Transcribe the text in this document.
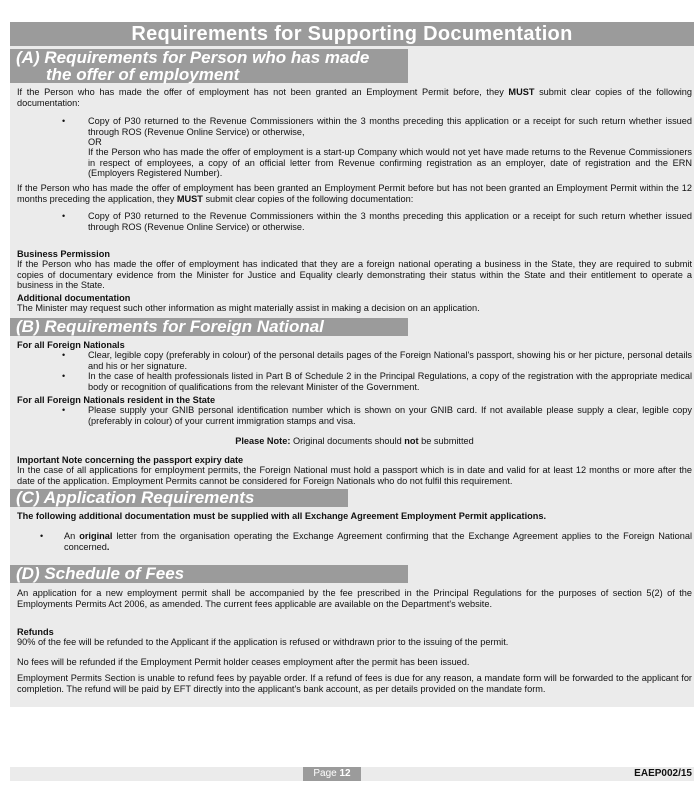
Requirements for Supporting Documentation
(A) Requirements for Person who has made
the offer of employment
If the Person who has made the offer of employment has not been granted an Employment Permit before, they MUST submit clear copies of the following documentation:
• Copy of P30 returned to the Revenue Commissioners within the 3 months preceding this application or a receipt for such return whether issued through ROS (Revenue Online Service) or otherwise,
OR
If the Person who has made the offer of employment is a start-up Company which would not yet have made returns to the Revenue Commissioners in respect of employees, a copy of an official letter from Revenue confirming registration as an employer, date of registration and the ERN (Employers Registered Number).
If the Person who has made the offer of employment has been granted an Employment Permit before but has not been granted an Employment Permit within the 12 months preceding the application, they MUST submit clear copies of the following documentation:
• Copy of P30 returned to the Revenue Commissioners within the 3 months preceding this application or a receipt for such return whether issued through ROS (Revenue Online Service) or otherwise.
Business Permission
If the Person who has made the offer of employment has indicated that they are a foreign national operating a business in the State, they are required to submit copies of documentary evidence from the Minister for Justice and Equality clearly demonstrating their status within the State and their entitlement to operate a business in the State.
Additional documentation
The Minister may request such other information as might materially assist in making a decision on an application.
(B) Requirements for Foreign National
For all Foreign Nationals
• Clear, legible copy (preferably in colour) of the personal details pages of the Foreign National's passport, showing his or her picture, personal details and his or her signature.
• In the case of health professionals listed in Part B of Schedule 2 in the Principal Regulations, a copy of the registration with the appropriate medical body or recognition of qualifications from the relevant Minister of the Government.
For all Foreign Nationals resident in the State
• Please supply your GNIB personal identification number which is shown on your GNIB card. If not available please supply a clear, legible copy (preferably in colour) of your current immigration stamps and visa.
Please Note: Original documents should not be submitted
Important Note concerning the passport expiry date
In the case of all applications for employment permits, the Foreign National must hold a passport which is in date and valid for at least 12 months or more after the date of the application. Employment Permits cannot be considered for Foreign Nationals who do not fulfil this requirement.
(C) Application Requirements
The following additional documentation must be supplied with all Exchange Agreement Employment Permit applications.
• An original letter from the organisation operating the Exchange Agreement confirming that the Exchange Agreement applies to the Foreign National concerned.
(D) Schedule of Fees
An application for a new employment permit shall be accompanied by the fee prescribed in the Principal Regulations for the purposes of section 5(2) of the Employments Permits Act 2006, as amended. The current fees applicable are available on the Department's website.
Refunds
90% of the fee will be refunded to the Applicant if the application is refused or withdrawn prior to the issuing of the permit.
No fees will be refunded if the Employment Permit holder ceases employment after the permit has been issued.
Employment Permits Section is unable to refund fees by payable order. If a refund of fees is due for any reason, a mandate form will be forwarded to the applicant for completion. The refund will be paid by EFT directly into the applicant's bank account, as per details provided on the mandate form.
Page 12	EAEP002/15
